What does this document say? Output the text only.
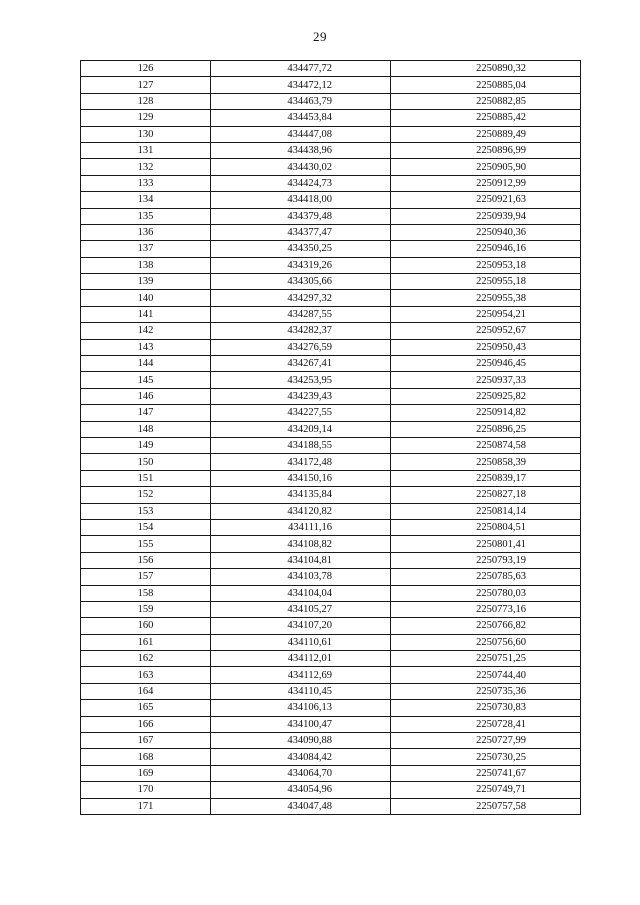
29
126	434477,72	2250890,32
127	434472,12	2250885,04
128	434463,79	2250882,85
129	434453,84	2250885,42
130	434447,08	2250889,49
131	434438,96	2250896,99
132	434430,02	2250905,90
133	434424,73	2250912,99
134	434418,00	2250921,63
135	434379,48	2250939,94
136	434377,47	2250940,36
137	434350,25	2250946,16
138	434319,26	2250953,18
139	434305,66	2250955,18
140	434297,32	2250955,38
141	434287,55	2250954,21
142	434282,37	2250952,67
143	434276,59	2250950,43
144	434267,41	2250946,45
145	434253,95	2250937,33
146	434239,43	2250925,82
147	434227,55	2250914,82
148	434209,14	2250896,25
149	434188,55	2250874,58
150	434172,48	2250858,39
151	434150,16	2250839,17
152	434135,84	2250827,18
153	434120,82	2250814,14
154	434111,16	2250804,51
155	434108,82	2250801,41
156	434104,81	2250793,19
157	434103,78	2250785,63
158	434104,04	2250780,03
159	434105,27	2250773,16
160	434107,20	2250766,82
161	434110,61	2250756,60
162	434112,01	2250751,25
163	434112,69	2250744,40
164	434110,45	2250735,36
165	434106,13	2250730,83
166	434100,47	2250728,41
167	434090,88	2250727,99
168	434084,42	2250730,25
169	434064,70	2250741,67
170	434054,96	2250749,71
171	434047,48	2250757,58
